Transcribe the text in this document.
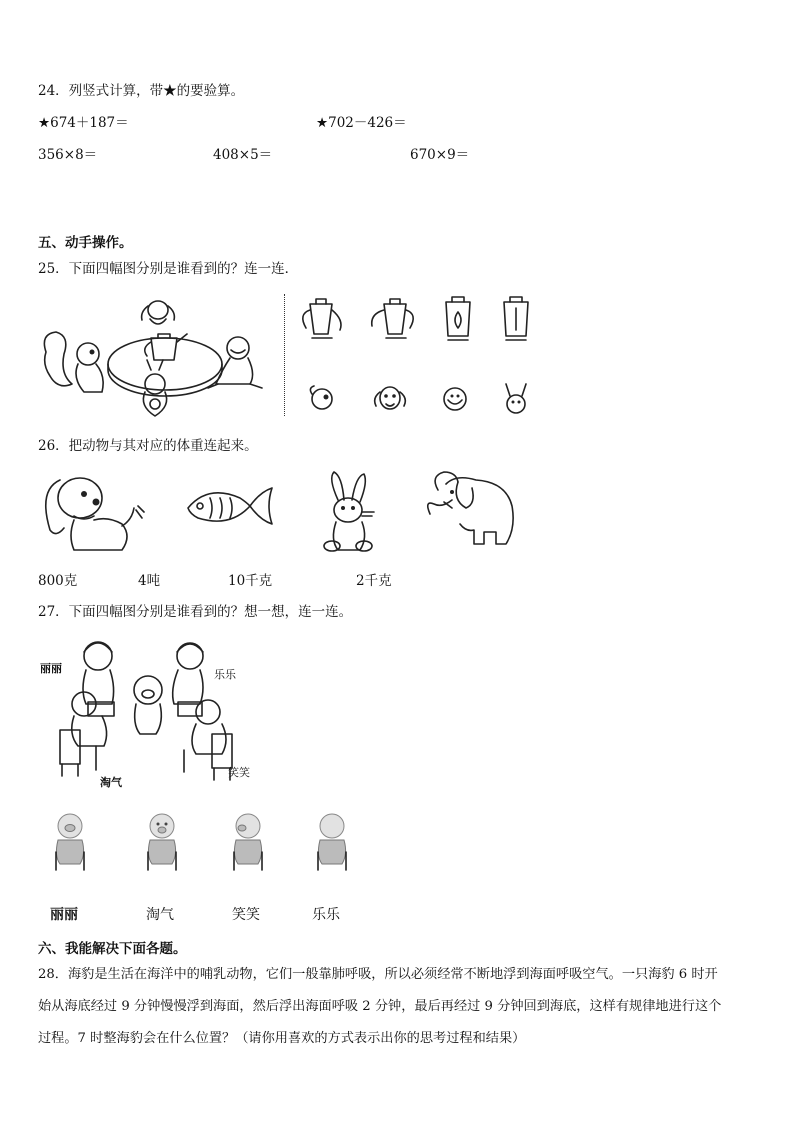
24．列竖式计算，带★的要验算。
★674＋187＝	★702－426＝
356×8＝	408×5＝	670×9＝
五、动手操作。
25．下面四幅图分别是谁看到的？连一连．
26．把动物与其对应的体重连起来。
800克	4吨	10千克	2千克
27．下面四幅图分别是谁看到的？想一想，连一连。
丽丽	乐乐
淘气
笑笑
丽丽	淘气	笑笑	乐乐
六、我能解决下面各题。
28．海豹是生活在海洋中的哺乳动物，它们一般靠肺呼吸，所以必须经常不断地浮到海面呼吸空气。一只海豹 6 时开
始从海底经过 9 分钟慢慢浮到海面，然后浮出海面呼吸 2 分钟，最后再经过 9 分钟回到海底，这样有规律地进行这个
过程。7 时整海豹会在什么位置？（请你用喜欢的方式表示出你的思考过程和结果）
